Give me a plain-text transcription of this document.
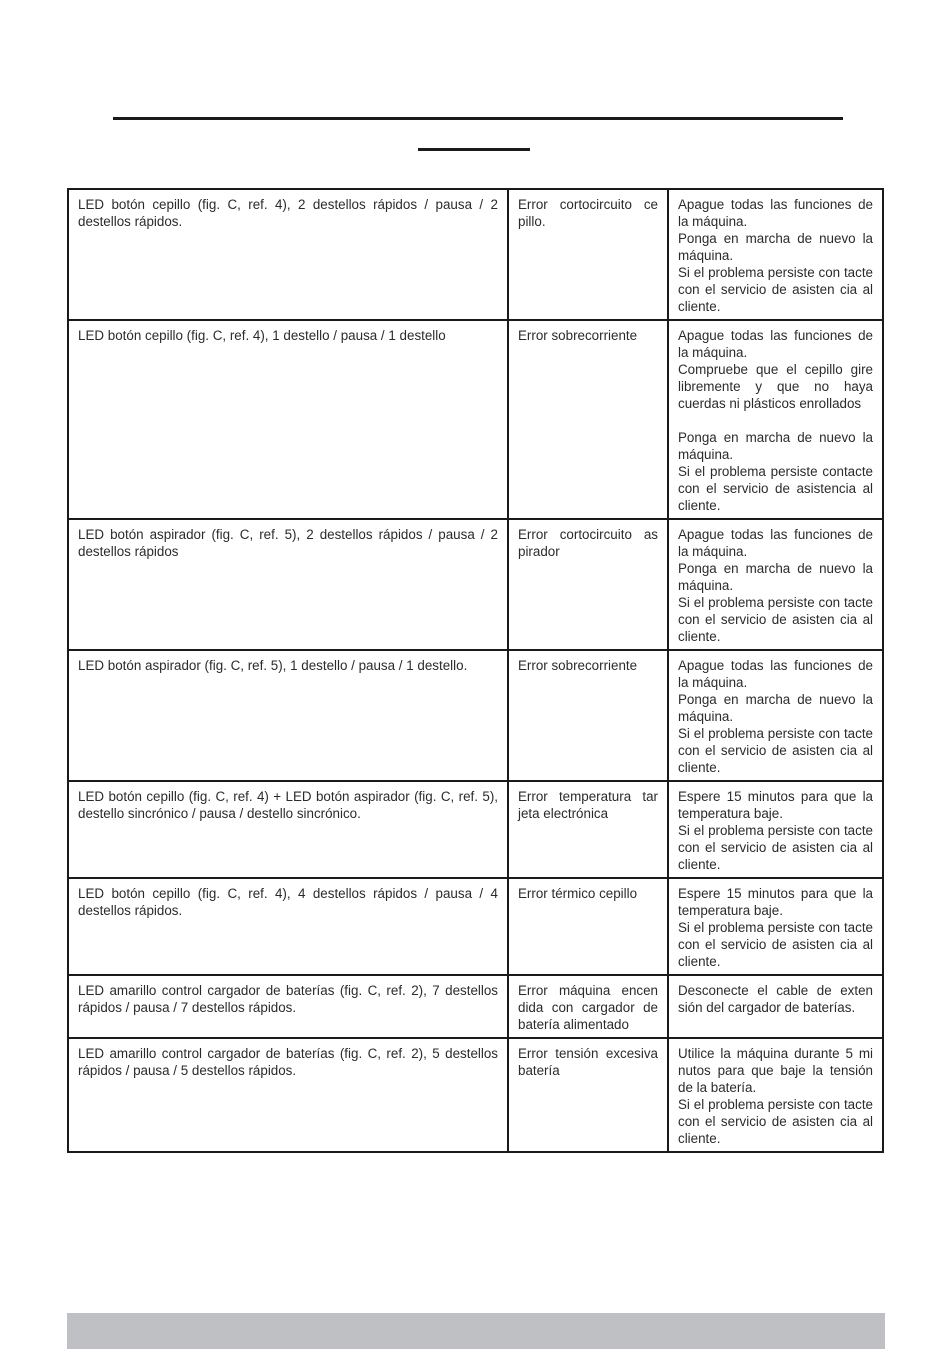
LED botón cepillo (fig. C, ref. 4), 2 destellos rápidos / pausa / 2 destellos rápidos.	Error cortocircuito ce pillo.	Apague todas las funciones de la máquina.
Ponga en marcha de nuevo la máquina.
Si el problema persiste con tacte con el servicio de asisten cia al cliente.
LED botón cepillo (fig. C, ref. 4), 1 destello / pausa / 1 destello	Error sobrecorriente	Apague todas las funciones de la máquina.
Compruebe que el cepillo gire libremente y que no haya cuerdas ni plásticos enrollados

Ponga en marcha de nuevo la máquina.
Si el problema persiste contacte con el servicio de asistencia al cliente.
LED botón aspirador (fig. C, ref. 5), 2 destellos rápidos / pausa / 2 destellos rápidos	Error cortocircuito as pirador	Apague todas las funciones de la máquina.
Ponga en marcha de nuevo la máquina.
Si el problema persiste con tacte con el servicio de asisten cia al cliente.
LED botón aspirador (fig. C, ref. 5), 1 destello / pausa / 1 destello.	Error sobrecorriente	Apague todas las funciones de la máquina.
Ponga en marcha de nuevo la máquina.
Si el problema persiste con tacte con el servicio de asisten cia al cliente.
LED botón cepillo (fig. C, ref. 4) + LED botón aspirador (fig. C, ref. 5), destello sincrónico / pausa / destello sincrónico.	Error temperatura tar jeta electrónica	Espere 15 minutos para que la temperatura baje.
Si el problema persiste con tacte con el servicio de asisten cia al cliente.
LED botón cepillo (fig. C, ref. 4), 4 destellos rápidos / pausa / 4 destellos rápidos.	Error térmico cepillo	Espere 15 minutos para que la temperatura baje.
Si el problema persiste con tacte con el servicio de asisten cia al cliente.
LED amarillo control cargador de baterías (fig. C, ref. 2), 7 destellos rápidos / pausa / 7 destellos rápidos.	Error máquina encen dida con cargador de batería alimentado	Desconecte el cable de exten sión del cargador de baterías.
LED amarillo control cargador de baterías (fig. C, ref. 2), 5 destellos rápidos / pausa / 5 destellos rápidos.	Error tensión excesiva batería	Utilice la máquina durante 5 mi nutos para que baje la tensión de la batería.
Si el problema persiste con tacte con el servicio de asisten cia al cliente.
